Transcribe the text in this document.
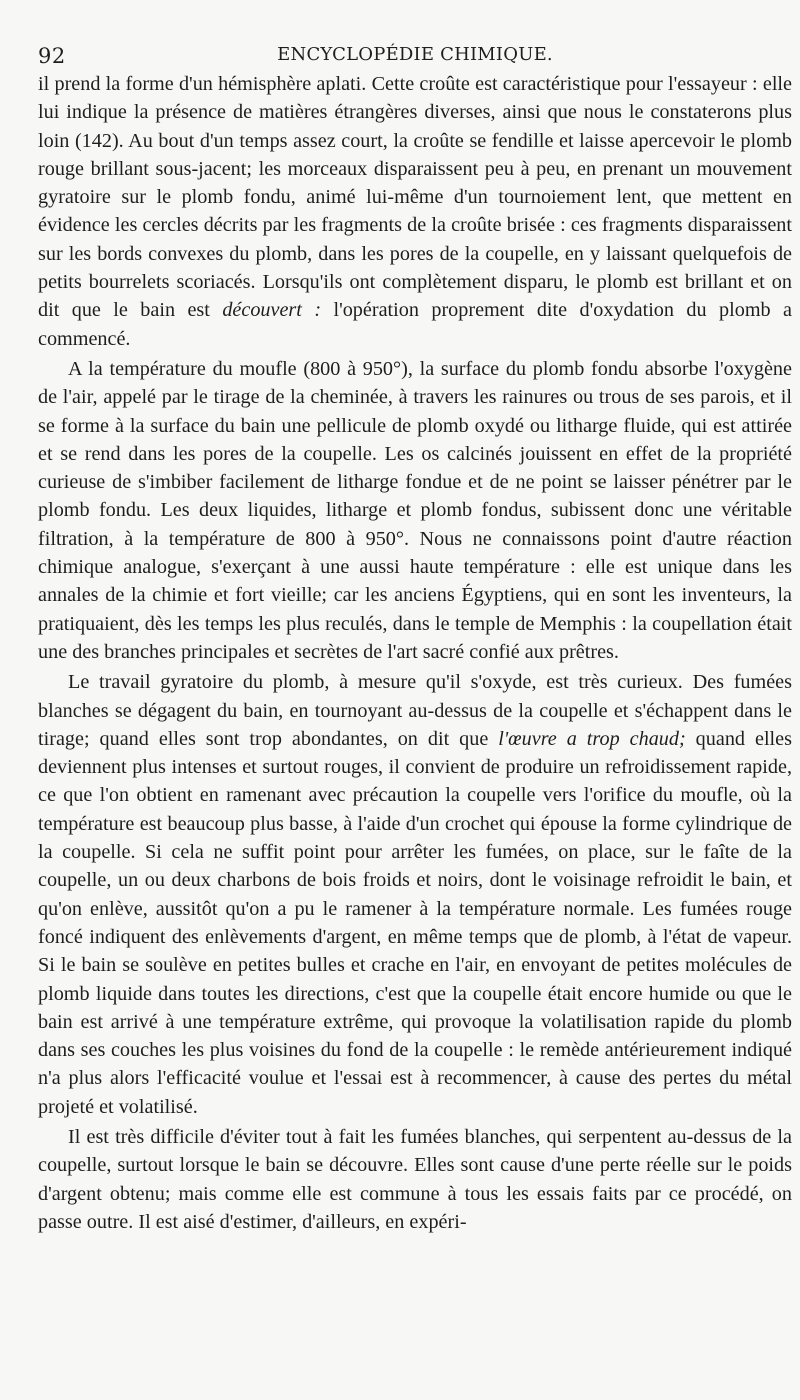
92	ENCYCLOPÉDIE CHIMIQUE.

il prend la forme d'un hémisphère aplati. Cette croûte est caractéristique pour l'essayeur : elle lui indique la présence de matières étrangères diverses, ainsi que nous le constaterons plus loin (142). Au bout d'un temps assez court, la croûte se fendille et laisse apercevoir le plomb rouge brillant sous-jacent; les morceaux disparaissent peu à peu, en prenant un mouvement gyratoire sur le plomb fondu, animé lui-même d'un tournoiement lent, que mettent en évidence les cercles décrits par les fragments de la croûte brisée : ces fragments disparaissent sur les bords convexes du plomb, dans les pores de la coupelle, en y laissant quelquefois de petits bourrelets scoriacés. Lorsqu'ils ont complètement disparu, le plomb est brillant et on dit que le bain est découvert : l'opération proprement dite d'oxydation du plomb a commencé.

A la température du moufle (800 à 950°), la surface du plomb fondu absorbe l'oxygène de l'air, appelé par le tirage de la cheminée, à travers les rainures ou trous de ses parois, et il se forme à la surface du bain une pellicule de plomb oxydé ou litharge fluide, qui est attirée et se rend dans les pores de la coupelle. Les os calcinés jouissent en effet de la propriété curieuse de s'imbiber facilement de litharge fondue et de ne point se laisser pénétrer par le plomb fondu. Les deux liquides, litharge et plomb fondus, subissent donc une véritable filtration, à la température de 800 à 950°. Nous ne connaissons point d'autre réaction chimique analogue, s'exerçant à une aussi haute température : elle est unique dans les annales de la chimie et fort vieille; car les anciens Égyptiens, qui en sont les inventeurs, la pratiquaient, dès les temps les plus reculés, dans le temple de Memphis : la coupellation était une des branches principales et secrètes de l'art sacré confié aux prêtres.

Le travail gyratoire du plomb, à mesure qu'il s'oxyde, est très curieux. Des fumées blanches se dégagent du bain, en tournoyant au-dessus de la coupelle et s'échappent dans le tirage; quand elles sont trop abondantes, on dit que l'œuvre a trop chaud; quand elles deviennent plus intenses et surtout rouges, il convient de produire un refroidissement rapide, ce que l'on obtient en ramenant avec précaution la coupelle vers l'orifice du moufle, où la température est beaucoup plus basse, à l'aide d'un crochet qui épouse la forme cylindrique de la coupelle. Si cela ne suffit point pour arrêter les fumées, on place, sur le faîte de la coupelle, un ou deux charbons de bois froids et noirs, dont le voisinage refroidit le bain, et qu'on enlève, aussitôt qu'on a pu le ramener à la température normale. Les fumées rouge foncé indiquent des enlèvements d'argent, en même temps que de plomb, à l'état de vapeur. Si le bain se soulève en petites bulles et crache en l'air, en envoyant de petites molécules de plomb liquide dans toutes les directions, c'est que la coupelle était encore humide ou que le bain est arrivé à une température extrême, qui provoque la volatilisation rapide du plomb dans ses couches les plus voisines du fond de la coupelle : le remède antérieurement indiqué n'a plus alors l'efficacité voulue et l'essai est à recommencer, à cause des pertes du métal projeté et volatilisé.

Il est très difficile d'éviter tout à fait les fumées blanches, qui serpentent au-dessus de la coupelle, surtout lorsque le bain se découvre. Elles sont cause d'une perte réelle sur le poids d'argent obtenu; mais comme elle est commune à tous les essais faits par ce procédé, on passe outre. Il est aisé d'estimer, d'ailleurs, en expéri-
